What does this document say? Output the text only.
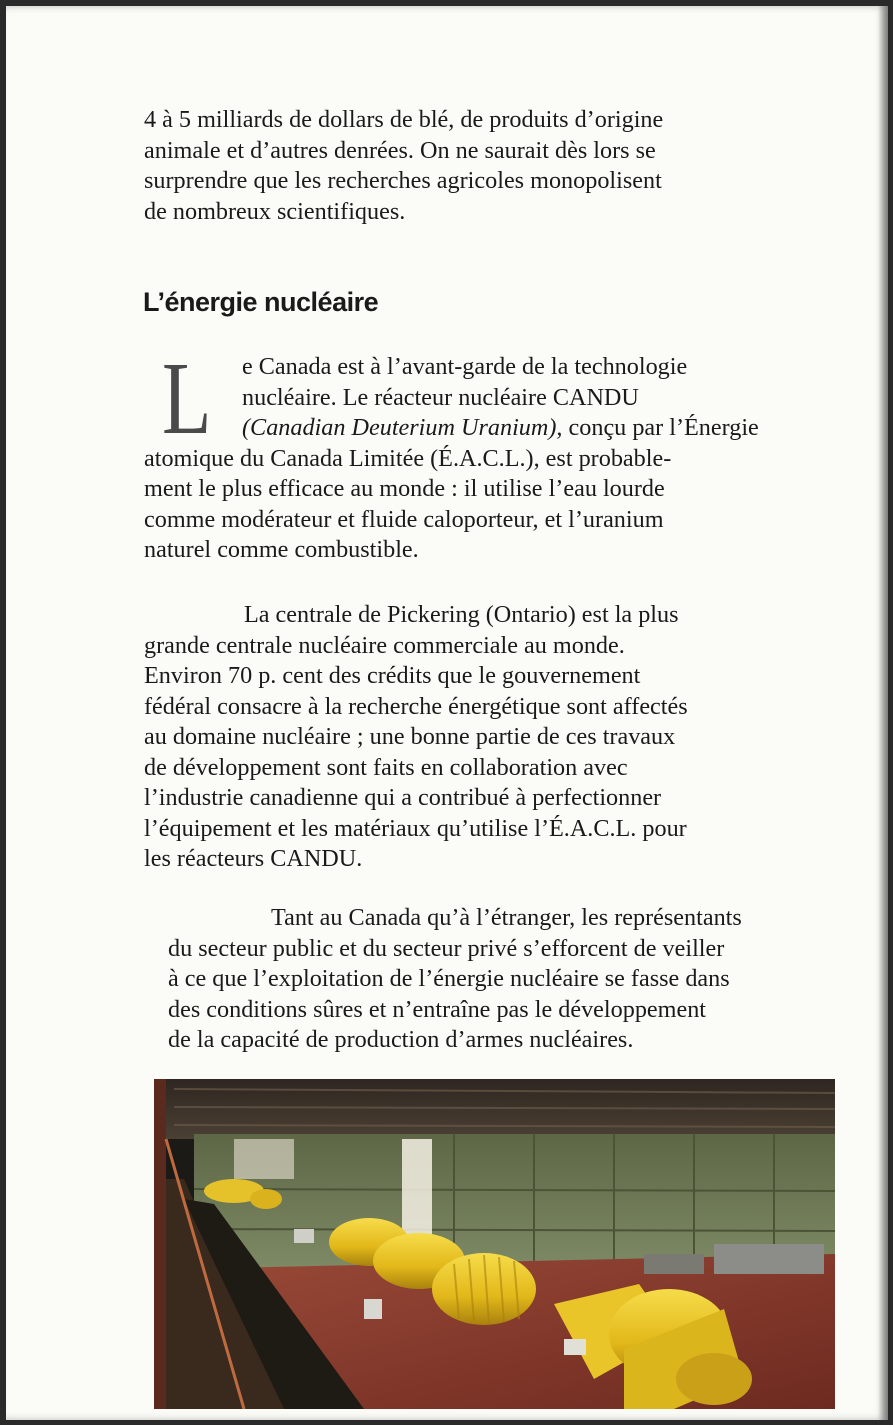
4 à 5 milliards de dollars de blé, de produits d’origine
animale et d’autres denrées. On ne saurait dès lors se
surprendre que les recherches agricoles monopolisent
de nombreux scientifiques.

L’énergie nucléaire
L	e Canada est à l’avant-garde de la technologie
nucléaire. Le réacteur nucléaire CANDU
(Canadian Deuterium Uranium), conçu par l’Énergie
atomique du Canada Limitée (É.A.C.L.), est probable-
ment le plus efficace au monde : il utilise l’eau lourde
comme modérateur et fluide caloporteur, et l’uranium
naturel comme combustible.

La centrale de Pickering (Ontario) est la plus
grande centrale nucléaire commerciale au monde.
Environ 70 p. cent des crédits que le gouvernement
fédéral consacre à la recherche énergétique sont affectés
au domaine nucléaire ; une bonne partie de ces travaux
de développement sont faits en collaboration avec
l’industrie canadienne qui a contribué à perfectionner
l’équipement et les matériaux qu’utilise l’É.A.C.L. pour
les réacteurs CANDU.

Tant au Canada qu’à l’étranger, les représentants
du secteur public et du secteur privé s’efforcent de veiller
à ce que l’exploitation de l’énergie nucléaire se fasse dans
des conditions sûres et n’entraîne pas le développement
de la capacité de production d’armes nucléaires.
